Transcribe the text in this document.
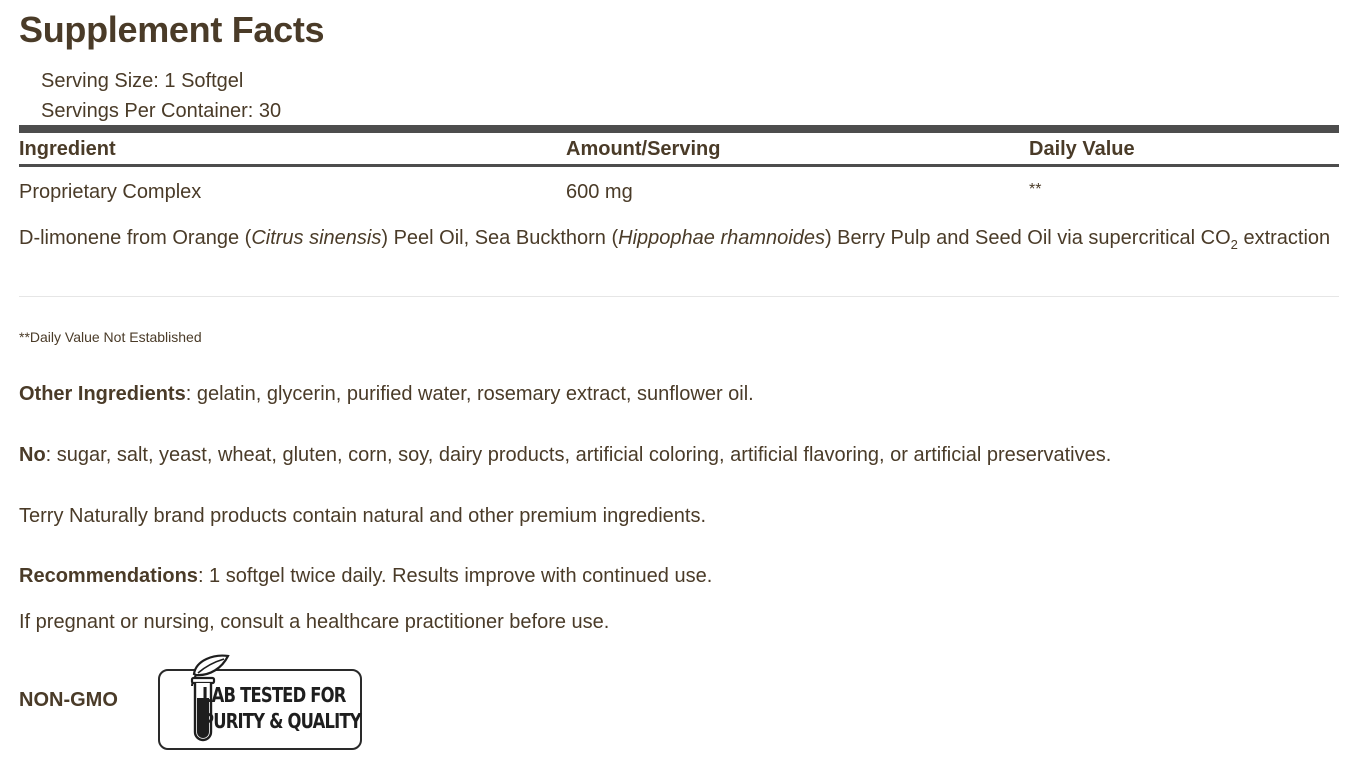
Supplement Facts
Serving Size: 1 Softgel
Servings Per Container: 30
Ingredient	Amount/Serving	Daily Value
Proprietary Complex	600 mg	**
D-limonene from Orange (Citrus sinensis) Peel Oil, Sea Buckthorn (Hippophae rhamnoides) Berry Pulp and Seed Oil via supercritical $CO_2$ extraction
**Daily Value Not Established
Other Ingredients: gelatin, glycerin, purified water, rosemary extract, sunflower oil.
No: sugar, salt, yeast, wheat, gluten, corn, soy, dairy products, artificial coloring, artificial flavoring, or artificial preservatives.
Terry Naturally brand products contain natural and other premium ingredients.
Recommendations: 1 softgel twice daily. Results improve with continued use.
If pregnant or nursing, consult a healthcare practitioner before use.
NON-GMO	LAB TESTED FOR
PURITY & QUALITY
